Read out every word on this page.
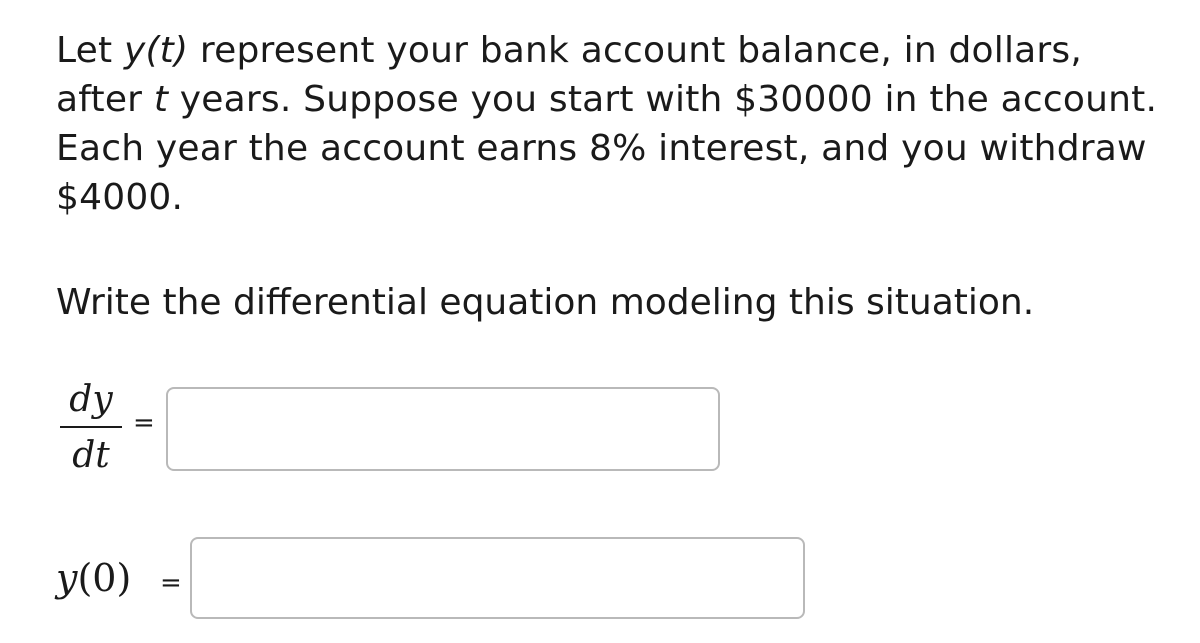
Let y(t) represent your bank account balance, in dollars,
after t years. Suppose you start with $30000 in the account.
Each year the account earns 8% interest, and you withdraw
$4000.
Write the differential equation modeling this situation.
dy
dt
=
y(0) =
